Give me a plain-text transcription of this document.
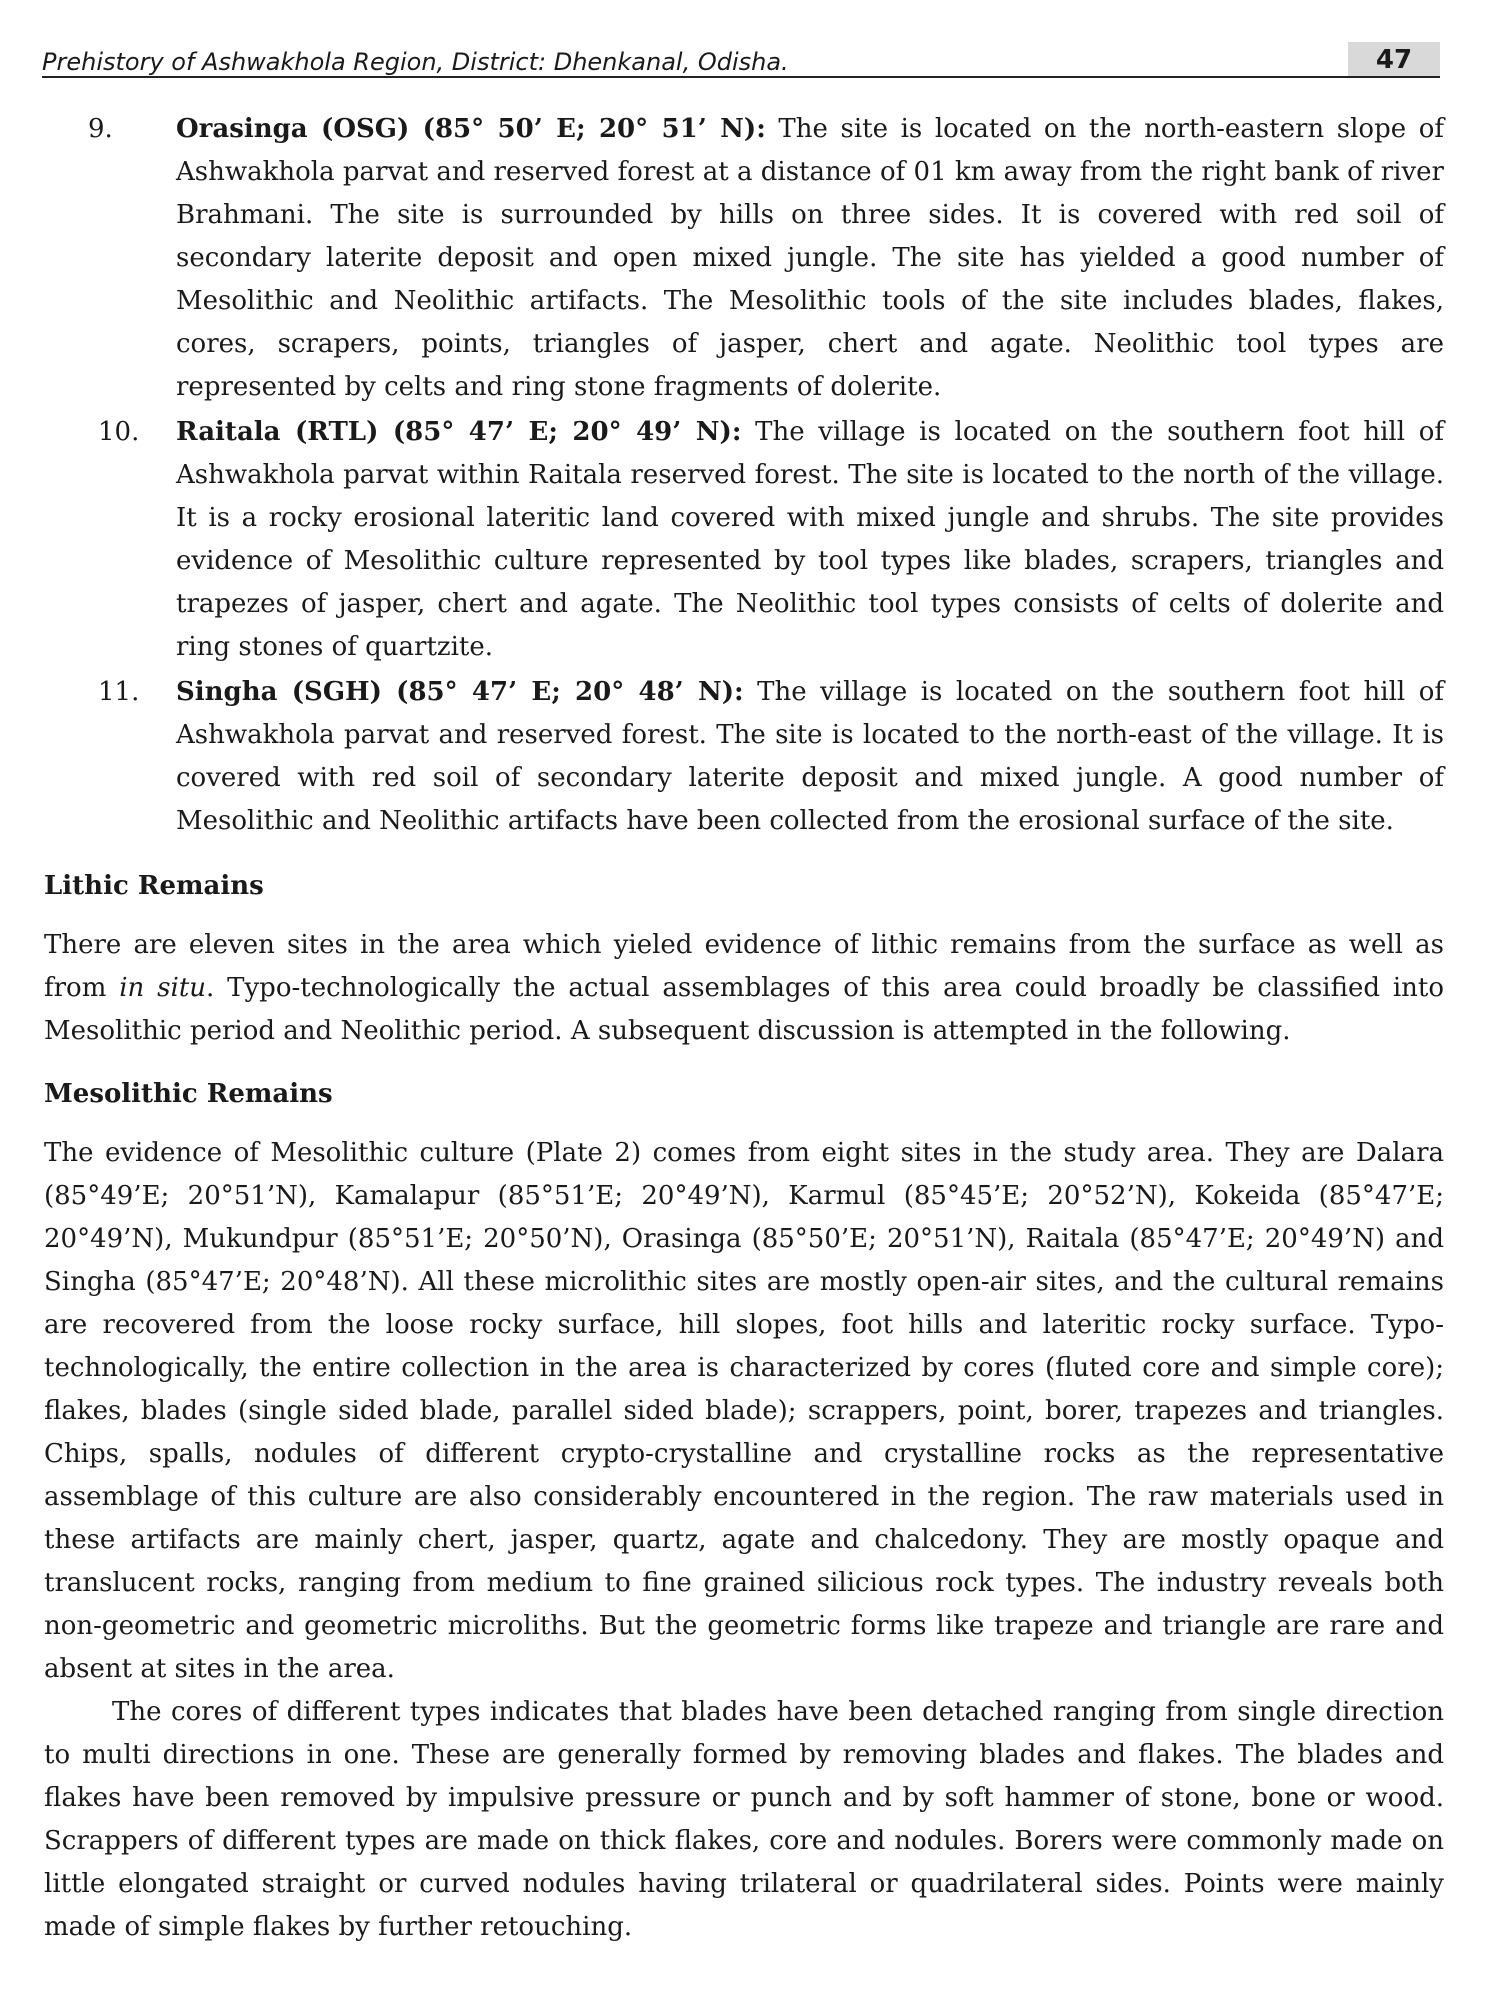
Prehistory of Ashwakhola Region, District: Dhenkanal, Odisha.	47
9.	Orasinga (OSG) (85° 50’ E; 20° 51’ N): The site is located on the north-eastern slope of Ashwakhola parvat and reserved forest at a distance of 01 km away from the right bank of river Brahmani. The site is surrounded by hills on three sides. It is covered with red soil of secondary laterite deposit and open mixed jungle. The site has yielded a good number of Mesolithic and Neolithic artifacts. The Mesolithic tools of the site includes blades, flakes, cores, scrapers, points, triangles of jasper, chert and agate. Neolithic tool types are represented by celts and ring stone fragments of dolerite.
10.	Raitala (RTL) (85° 47’ E; 20° 49’ N): The village is located on the southern foot hill of Ashwakhola parvat within Raitala reserved forest. The site is located to the north of the village. It is a rocky erosional lateritic land covered with mixed jungle and shrubs. The site provides evidence of Mesolithic culture represented by tool types like blades, scrapers, triangles and trapezes of jasper, chert and agate. The Neolithic tool types consists of celts of dolerite and ring stones of quartzite.
11.	Singha (SGH) (85° 47’ E; 20° 48’ N): The village is located on the southern foot hill of Ashwakhola parvat and reserved forest. The site is located to the north-east of the village. It is covered with red soil of secondary laterite deposit and mixed jungle. A good number of Mesolithic and Neolithic artifacts have been collected from the erosional surface of the site.
Lithic Remains

There are eleven sites in the area which yieled evidence of lithic remains from the surface as well as from in situ. Typo-technologically the actual assemblages of this area could broadly be classified into Mesolithic period and Neolithic period. A subsequent discussion is attempted in the following.

Mesolithic Remains

The evidence of Mesolithic culture (Plate 2) comes from eight sites in the study area. They are Dalara (85°49’E; 20°51’N), Kamalapur (85°51’E; 20°49’N), Karmul (85°45’E; 20°52’N), Kokeida (85°47’E; 20°49’N), Mukundpur (85°51’E; 20°50’N), Orasinga (85°50’E; 20°51’N), Raitala (85°47’E; 20°49’N) and Singha (85°47’E; 20°48’N). All these microlithic sites are mostly open-air sites, and the cultural remains are recovered from the loose rocky surface, hill slopes, foot hills and lateritic rocky surface. Typo-technologically, the entire collection in the area is characterized by cores (fluted core and simple core); flakes, blades (single sided blade, parallel sided blade); scrappers, point, borer, trapezes and triangles. Chips, spalls, nodules of different crypto-crystalline and crystalline rocks as the representative assemblage of this culture are also considerably encountered in the region. The raw materials used in these artifacts are mainly chert, jasper, quartz, agate and chalcedony. They are mostly opaque and translucent rocks, ranging from medium to fine grained silicious rock types. The industry reveals both non-geometric and geometric microliths. But the geometric forms like trapeze and triangle are rare and absent at sites in the area.

The cores of different types indicates that blades have been detached ranging from single direction to multi directions in one. These are generally formed by removing blades and flakes. The blades and flakes have been removed by impulsive pressure or punch and by soft hammer of stone, bone or wood. Scrappers of different types are made on thick flakes, core and nodules. Borers were commonly made on little elongated straight or curved nodules having trilateral or quadrilateral sides. Points were mainly made of simple flakes by further retouching.
